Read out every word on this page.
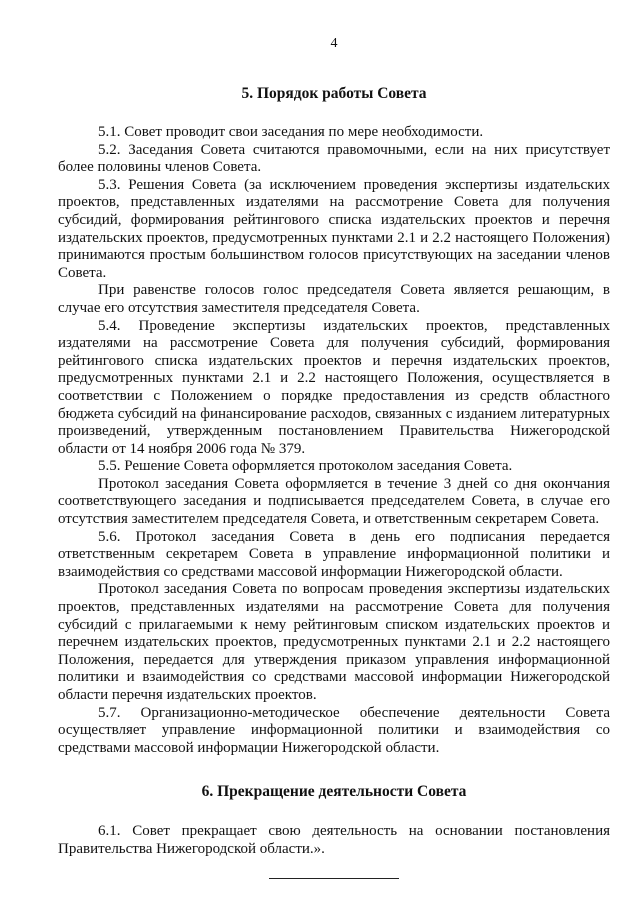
4
5. Порядок работы Совета

5.1. Совет проводит свои заседания по мере необходимости.

5.2. Заседания Совета считаются правомочными, если на них присутствует более половины членов Совета.

5.3. Решения Совета (за исключением проведения экспертизы издательских проектов, представленных издателями на рассмотрение Совета для получения субсидий, формирования рейтингового списка издательских проектов и перечня издательских проектов, предусмотренных пунктами 2.1 и 2.2 настоящего Положения) принимаются простым большинством голосов присутствующих на заседании членов Совета.

При равенстве голосов голос председателя Совета является решающим, в случае его отсутствия заместителя председателя Совета.

5.4. Проведение экспертизы издательских проектов, представленных издателями на рассмотрение Совета для получения субсидий, формирования рейтингового списка издательских проектов и перечня издательских проектов, предусмотренных пунктами 2.1 и 2.2 настоящего Положения, осуществляется в соответствии с Положением о порядке предоставления из средств областного бюджета субсидий на финансирование расходов, связанных с изданием литературных произведений, утвержденным постановлением Правительства Нижегородской области от 14 ноября 2006 года № 379.

5.5. Решение Совета оформляется протоколом заседания Совета.

Протокол заседания Совета оформляется в течение 3 дней со дня окончания соответствующего заседания и подписывается председателем Совета, в случае его отсутствия заместителем председателя Совета, и ответственным секретарем Совета.

5.6. Протокол заседания Совета в день его подписания передается ответственным секретарем Совета в управление информационной политики и взаимодействия со средствами массовой информации Нижегородской области.

Протокол заседания Совета по вопросам проведения экспертизы издательских проектов, представленных издателями на рассмотрение Совета для получения субсидий с прилагаемыми к нему рейтинговым списком издательских проектов и перечнем издательских проектов, предусмотренных пунктами 2.1 и 2.2 настоящего Положения, передается для утверждения приказом управления информационной политики и взаимодействия со средствами массовой информации Нижегородской области перечня издательских проектов.

5.7. Организационно-методическое обеспечение деятельности Совета осуществляет управление информационной политики и взаимодействия со средствами массовой информации Нижегородской области.

6. Прекращение деятельности Совета

6.1. Совет прекращает свою деятельность на основании постановления Правительства Нижегородской области.».
